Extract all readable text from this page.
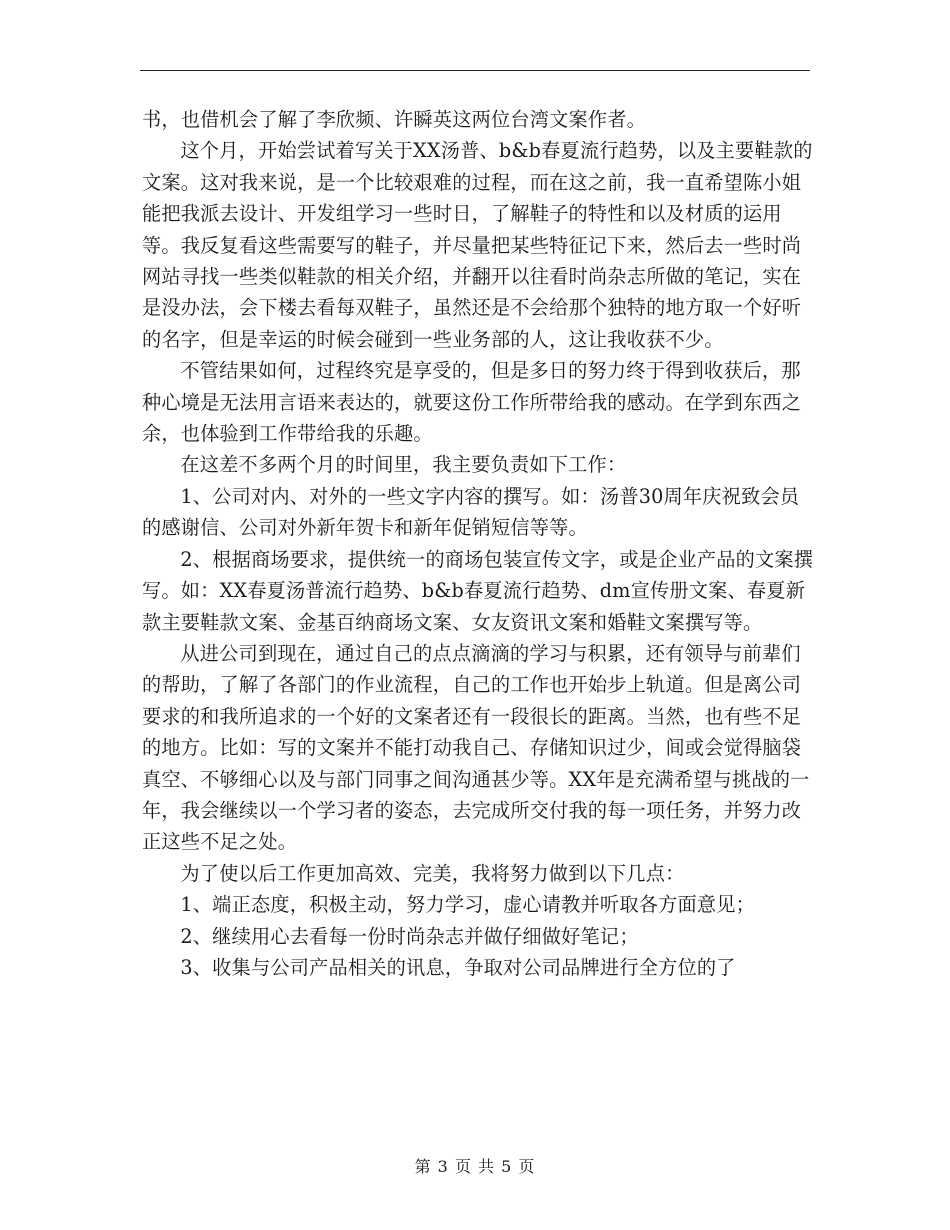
书，也借机会了解了李欣频、许瞬英这两位台湾文案作者。

这个月，开始尝试着写关于XX汤普、b&b春夏流行趋势，以及主要鞋款的文案。这对我来说，是一个比较艰难的过程，而在这之前，我一直希望陈小姐能把我派去设计、开发组学习一些时日，了解鞋子的特性和以及材质的运用等。我反复看这些需要写的鞋子，并尽量把某些特征记下来，然后去一些时尚网站寻找一些类似鞋款的相关介绍，并翻开以往看时尚杂志所做的笔记，实在是没办法，会下楼去看每双鞋子，虽然还是不会给那个独特的地方取一个好听的名字，但是幸运的时候会碰到一些业务部的人，这让我收获不少。

不管结果如何，过程终究是享受的，但是多日的努力终于得到收获后，那种心境是无法用言语来表达的，就要这份工作所带给我的感动。在学到东西之余，也体验到工作带给我的乐趣。

在这差不多两个月的时间里，我主要负责如下工作：

1、公司对内、对外的一些文字内容的撰写。如：汤普30周年庆祝致会员的感谢信、公司对外新年贺卡和新年促销短信等等。

2、根据商场要求，提供统一的商场包装宣传文字，或是企业产品的文案撰写。如：XX春夏汤普流行趋势、b&b春夏流行趋势、dm宣传册文案、春夏新款主要鞋款文案、金基百纳商场文案、女友资讯文案和婚鞋文案撰写等。

从进公司到现在，通过自己的点点滴滴的学习与积累，还有领导与前辈们的帮助，了解了各部门的作业流程，自己的工作也开始步上轨道。但是离公司要求的和我所追求的一个好的文案者还有一段很长的距离。当然，也有些不足的地方。比如：写的文案并不能打动我自己、存储知识过少，间或会觉得脑袋真空、不够细心以及与部门同事之间沟通甚少等。XX年是充满希望与挑战的一年，我会继续以一个学习者的姿态，去完成所交付我的每一项任务，并努力改正这些不足之处。

为了使以后工作更加高效、完美，我将努力做到以下几点：

1、端正态度，积极主动，努力学习，虚心请教并听取各方面意见；

2、继续用心去看每一份时尚杂志并做仔细做好笔记；

3、收集与公司产品相关的讯息，争取对公司品牌进行全方位的了

第 3 页 共 5 页
